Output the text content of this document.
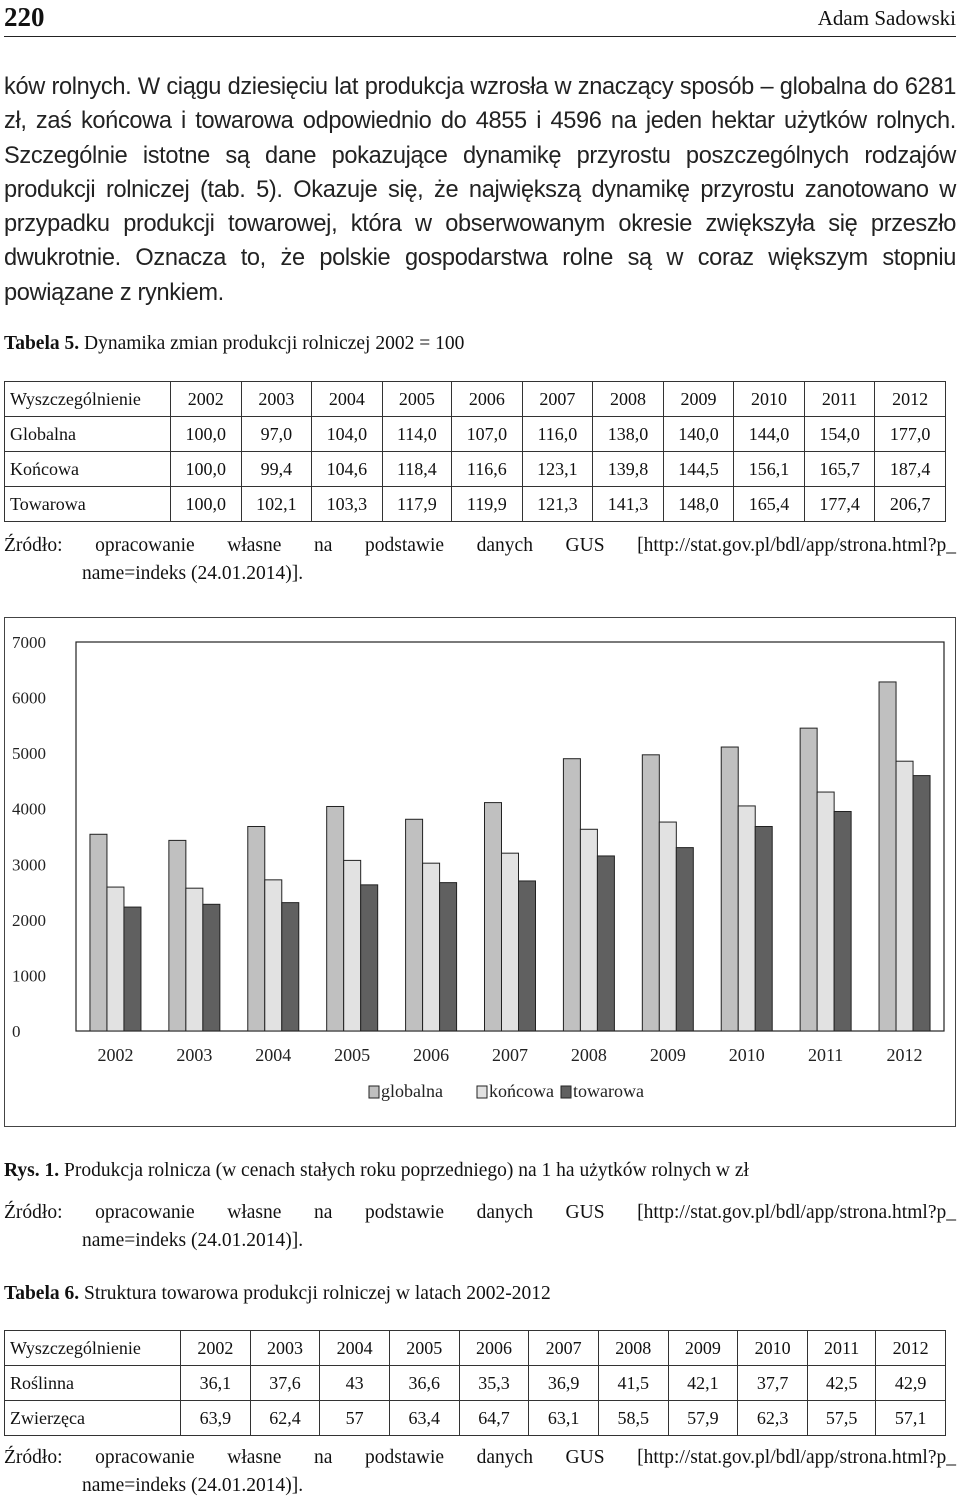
220	Adam Sadowski

ków rolnych. W ciągu dziesięciu lat produkcja wzrosła w znaczący sposób – globalna do 6281 zł, zaś końcowa i towarowa odpowiednio do 4855 i 4596 na jeden hektar użytków rolnych. Szczególnie istotne są dane pokazujące dynamikę przyrostu poszczególnych rodzajów produkcji rolniczej (tab. 5). Okazuje się, że największą dynamikę przyrostu zanotowano w przypadku produkcji towarowej, która w obserwowanym okresie zwiększyła się przeszło dwukrotnie. Oznacza to, że polskie gospodarstwa rolne są w coraz większym stopniu powiązane z rynkiem.

Tabela 5. Dynamika zmian produkcji rolniczej 2002 = 100
Wyszczególnienie	2002	2003	2004	2005	2006	2007	2008	2009	2010	2011	2012
Globalna	100,0	97,0	104,0	114,0	107,0	116,0	138,0	140,0	144,0	154,0	177,0
Końcowa	100,0	99,4	104,6	118,4	116,6	123,1	139,8	144,5	156,1	165,7	187,4
Towarowa	100,0	102,1	103,3	117,9	119,9	121,3	141,3	148,0	165,4	177,4	206,7
Źródło: opracowanie własne na podstawie danych GUS [http://stat.gov.pl/bdl/app/strona.html?p_
name=indeks (24.01.2014)].
0
1000
2000
3000
4000
5000
6000
7000
2002 2003 2004 2005 2006 2007 2008 2009 2010 2011 2012
globalna	końcowa towarowa
Rys. 1. Produkcja rolnicza (w cenach stałych roku poprzedniego) na 1 ha użytków rolnych w zł
Źródło: opracowanie własne na podstawie danych GUS [http://stat.gov.pl/bdl/app/strona.html?p_
name=indeks (24.01.2014)].
Tabela 6. Struktura towarowa produkcji rolniczej w latach 2002-2012
Wyszczególnienie	2002	2003	2004	2005	2006	2007	2008	2009	2010	2011	2012
Roślinna	36,1	37,6	43	36,6	35,3	36,9	41,5	42,1	37,7	42,5	42,9
Zwierzęca	63,9	62,4	57	63,4	64,7	63,1	58,5	57,9	62,3	57,5	57,1
Źródło: opracowanie własne na podstawie danych GUS [http://stat.gov.pl/bdl/app/strona.html?p_
name=indeks (24.01.2014)].
